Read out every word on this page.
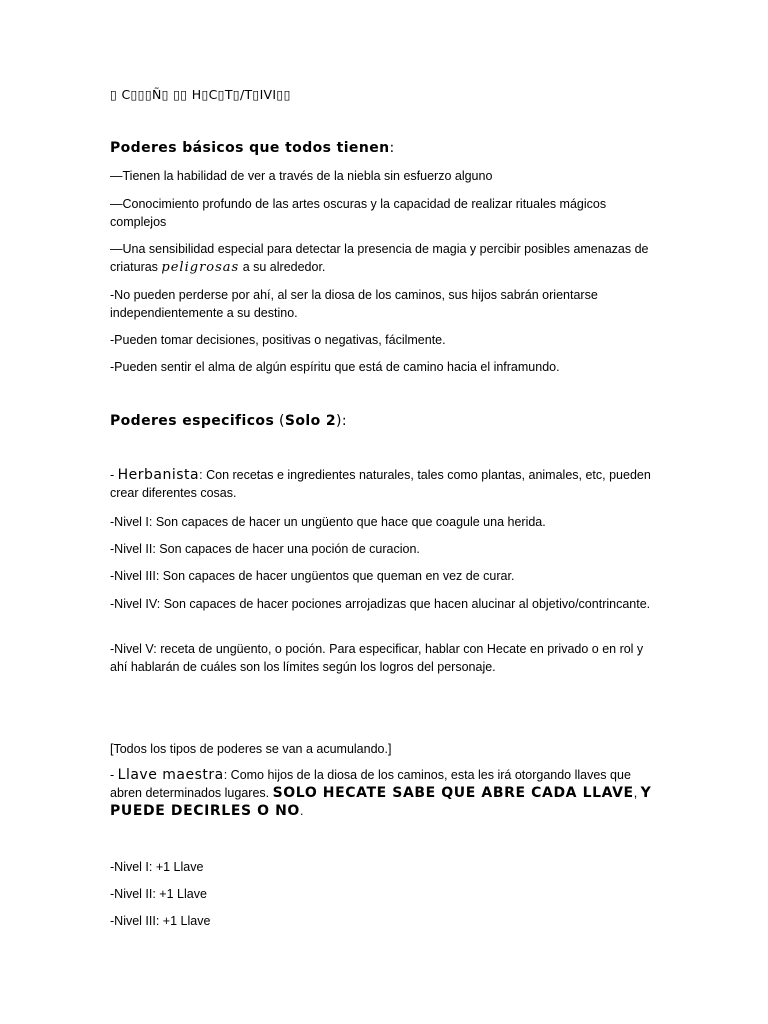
▯ C▯▯▯Ñ▯ ▯▯ H▯C▯T▯/T▯IVI▯▯
Poderes básicos que todos tienen:
—Tienen la habilidad de ver a través de la niebla sin esfuerzo alguno
—Conocimiento profundo de las artes oscuras y la capacidad de realizar rituales mágicos complejos
—Una sensibilidad especial para detectar la presencia de magia y percibir posibles amenazas de criaturas peligrosas a su alrededor.
-No pueden perderse por ahí, al ser la diosa de los caminos, sus hijos sabrán orientarse independientemente a su destino.
-Pueden tomar decisiones, positivas o negativas, fácilmente.
-Pueden sentir el alma de algún espíritu que está de camino hacia el inframundo.
Poderes especificos (Solo 2):
- Herbanista: Con recetas e ingredientes naturales, tales como plantas, animales, etc, pueden crear diferentes cosas.
-Nivel I: Son capaces de hacer un ungüento que hace que coagule una herida.
-Nivel II: Son capaces de hacer una poción de curacion.
-Nivel III: Son capaces de hacer ungüentos que queman en vez de curar.
-Nivel IV: Son capaces de hacer pociones arrojadizas que hacen alucinar al objetivo/contrincante.
-Nivel V: receta de ungüento, o poción. Para especificar, hablar con Hecate en privado o en rol y ahí hablarán de cuáles son los límites según los logros del personaje.
[Todos los tipos de poderes se van a acumulando.]
- Llave maestra: Como hijos de la diosa de los caminos, esta les irá otorgando llaves que abren determinados lugares. SOLO HECATE SABE QUE ABRE CADA LLAVE, Y PUEDE DECIRLES O NO.
-Nivel I: +1 Llave
-Nivel II: +1 Llave
-Nivel III: +1 Llave
